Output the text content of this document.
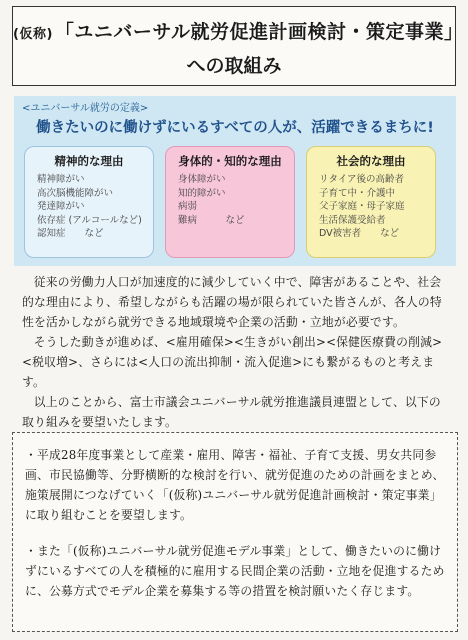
(仮称) 「ユニバーサル就労促進計画検討・策定事業」
への取組み
<ユニバーサル就労の定義>
働きたいのに働けずにいるすべての人が、活躍できるまちに!
精神的な理由
精神障がい
高次脳機能障がい
発達障がい
依存症 (アルコールなど)
認知症　　など
身体的・知的な理由
身体障がい
知的障がい
病弱
難病　　　など
社会的な理由
リタイア後の高齢者
子育て中・介護中
父子家庭・母子家庭
生活保護受給者
DV被害者　　など

従来の労働力人口が加速度的に減少していく中で、障害があることや、社会的な理由により、希望しながらも活躍の場が限られていた皆さんが、各人の特性を活かしながら就労できる地域環境や企業の活動・立地が必要です。

そうした動きが進めば、<雇用確保><生きがい創出><保健医療費の削減><税収増>、さらには<人口の流出抑制・流入促進>にも繋がるものと考えます。

以上のことから、富士市議会ユニバーサル就労推進議員連盟として、以下の取り組みを要望いたします。

・平成28年度事業として産業・雇用、障害・福祉、子育て支援、男女共同参画、市民協働等、分野横断的な検討を行い、就労促進のための計画をまとめ、施策展開につなげていく「(仮称)ユニバーサル就労促進計画検討・策定事業」に取り組むことを要望します。
・また「(仮称)ユニバーサル就労促進モデル事業」として、働きたいのに働けずにいるすべての人を積極的に雇用する民間企業の活動・立地を促進するために、公募方式でモデル企業を募集する等の措置を検討願いたく存じます。
